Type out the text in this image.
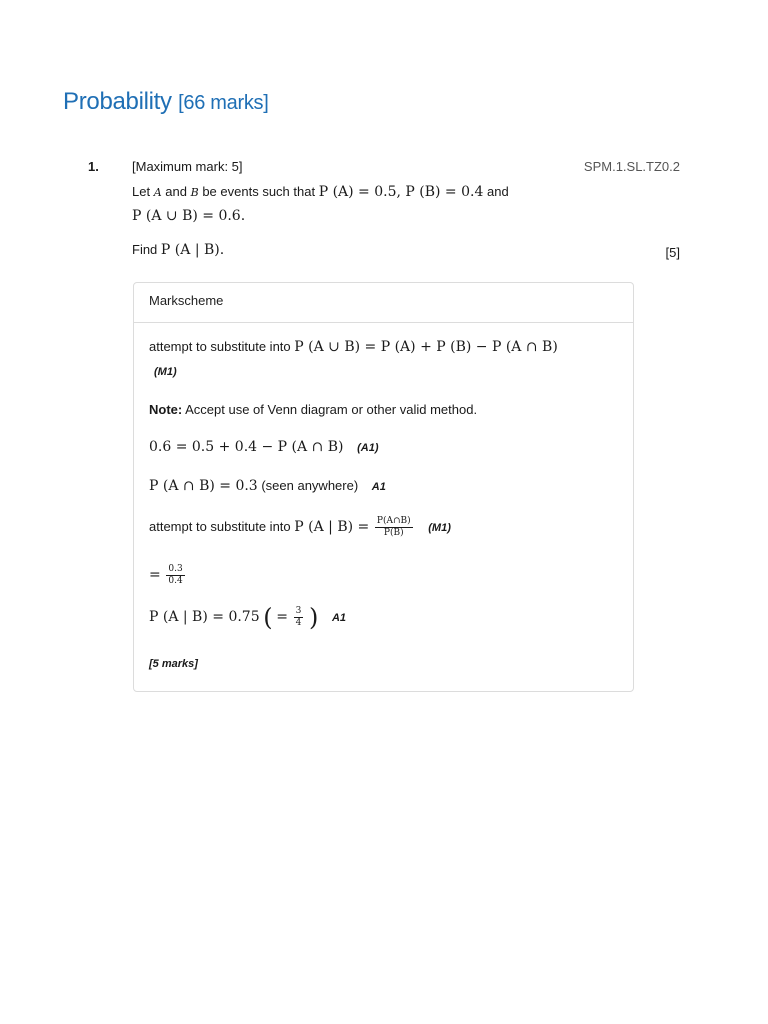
Probability [66 marks]
1.	[Maximum mark: 5]	SPM.1.SL.TZ0.2
Let A and B be events such that P (A) = 0.5, P (B) = 0.4 and
P (A ∪ B) = 0.6.
Find P (A | B).	[5]
Markscheme
attempt to substitute into P (A ∪ B) = P (A) + P (B) − P (A ∩ B)
(M1)
Note: Accept use of Venn diagram or other valid method.
0.6 = 0.5 + 0.4 − P (A ∩ B) (A1)
P (A ∩ B) = 0.3 (seen anywhere) A1
attempt to substitute into P (A | $B) = \frac{P(A\cap B)}{P(B)} (M1)$
= $\frac{0.3}{0.4}$
P (A | B) = 0.75 ( = $\frac{3}{4}$ ) A1
[5 marks]
